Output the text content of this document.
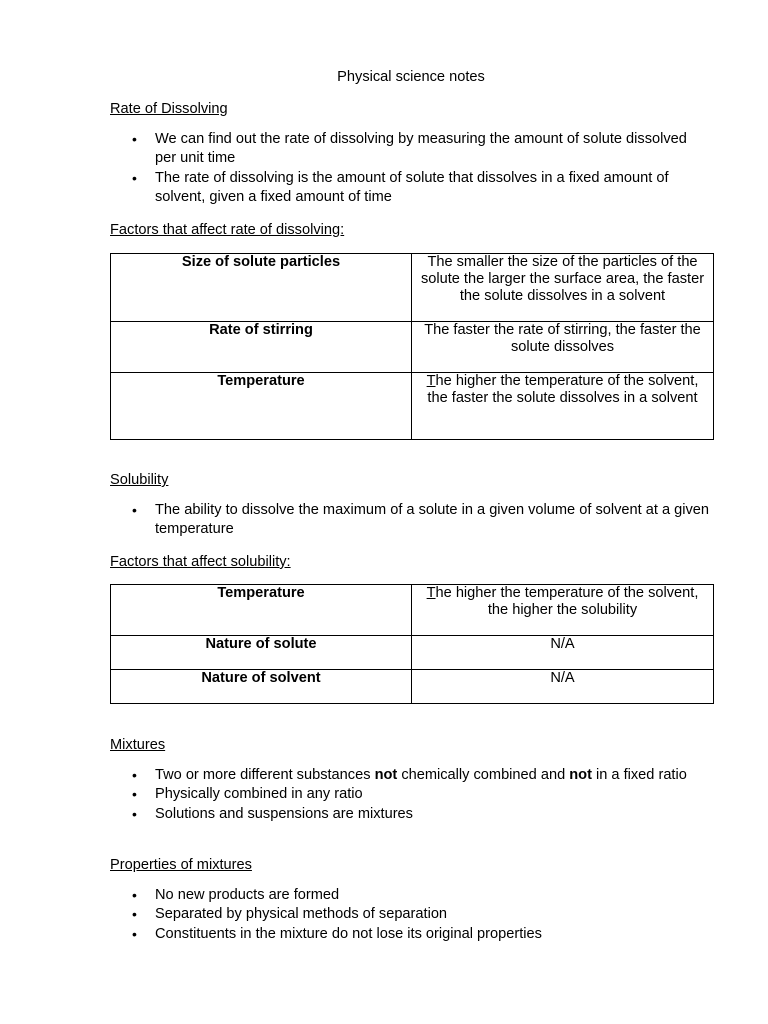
Physical science notes
Rate of Dissolving
•	We can find out the rate of dissolving by measuring the amount of solute dissolved per unit time
•	The rate of dissolving is the amount of solute that dissolves in a fixed amount of solvent, given a fixed amount of time
Factors that affect rate of dissolving:
Size of solute particles	The smaller the size of the particles of the solute the larger the surface area, the faster the solute dissolves in a solvent
Rate of stirring	The faster the rate of stirring, the faster the solute dissolves
Temperature	The higher the temperature of the solvent, the faster the solute dissolves in a solvent
Solubility
•	The ability to dissolve the maximum of a solute in a given volume of solvent at a given temperature
Factors that affect solubility:
Temperature	The higher the temperature of the solvent, the higher the solubility
Nature of solute	N/A
Nature of solvent	N/A
Mixtures
•	Two or more different substances not chemically combined and not in a fixed ratio
•	Physically combined in any ratio
•	Solutions and suspensions are mixtures
Properties of mixtures
•	No new products are formed
•	Separated by physical methods of separation
•	Constituents in the mixture do not lose its original properties
